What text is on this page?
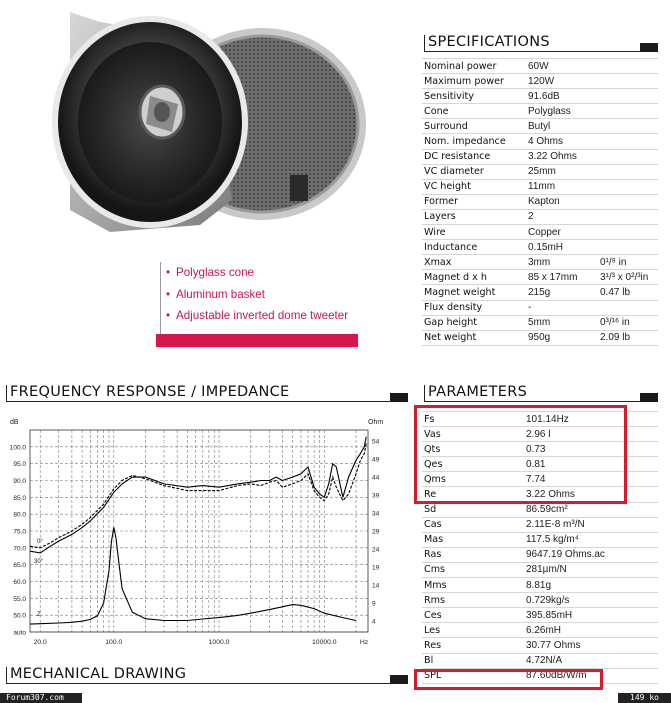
• Polyglass cone
• Aluminum basket
• Adjustable inverted dome tweeter
SPECIFICATIONS
Nominal power	60W	
Maximum power	120W	
Sensitivity	91.6dB	
Cone	Polyglass	
Surround	Butyl	
Nom. impedance	4 Ohms	
DC resistance	3.22 Ohms	
VC diameter	25mm	
VC height	11mm	
Former	Kapton	
Layers	2	
Wire	Copper	
Inductance	0.15mH	
Xmax	3mm	0¹/⁸ in
Magnet d x h	85 x 17mm	3¹/³ x 0²/³in
Magnet weight	215g	0.47 lb
Flux density	-	
Gap height	5mm	0³/¹⁶ in
Net weight	950g	2.09 lb
FREQUENCY RESPONSE / IMPEDANCE
auto
50.0
55.0
60.0
65.0
70.0
75.0
80.0
85.0
90.0
95.0
100.0
4
9
14
19
24
29
34
39
44
49
54
20.0	100.0	1000.0	10000.0	Hz
dB	Ohm
0°
30°
Z
PARAMETERS
Fs	101.14Hz
Vas	2.96 l
Qts	0.73
Qes	0.81
Qms	7.74
Re	3.22 Ohms
Sd	86.59cm²
Cas	2.11E-8 m³/N
Mas	117.5 kg/m⁴
Ras	9647.19 Ohms.ac
Cms	281µm/N
Mms	8.81g
Rms	0.729kg/s
Ces	395.85mH
Les	6.26mH
Res	30.77 Ohms
Bl	4.72N/A
SPL	87.60dB/W/m
MECHANICAL DRAWING
Forum307.com	149 ko
